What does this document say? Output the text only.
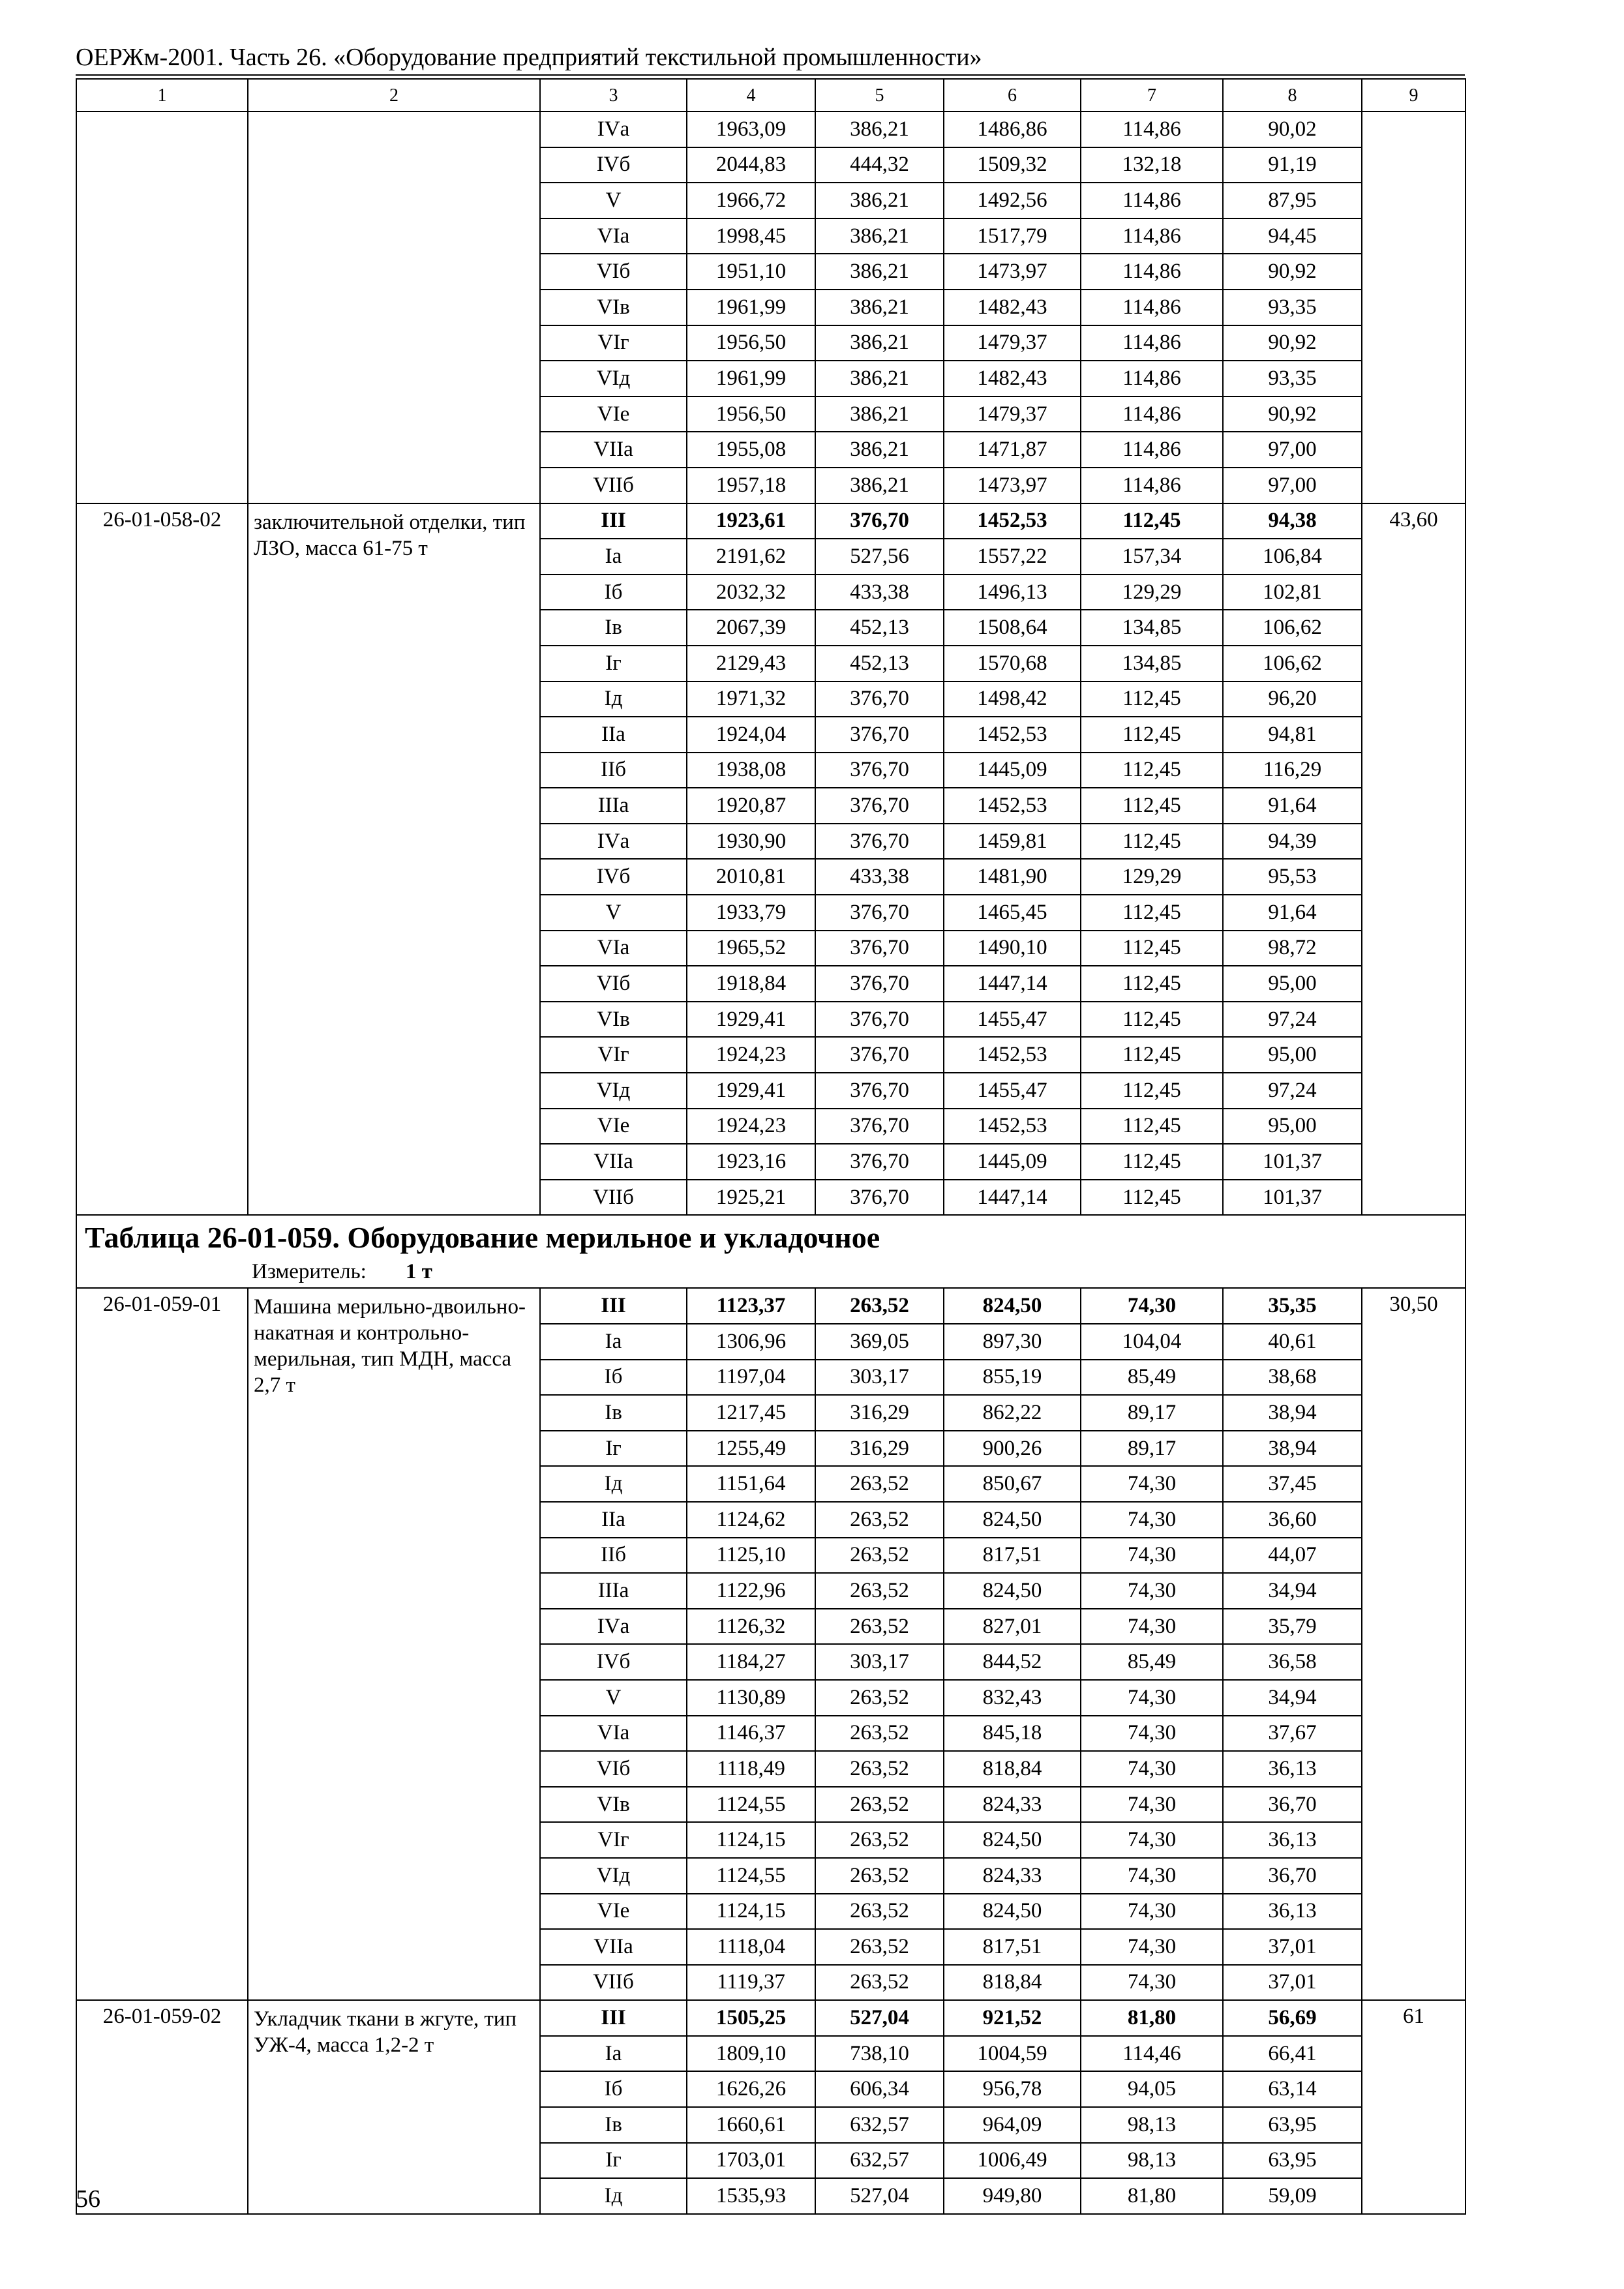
ОЕРЖм-2001. Часть 26. «Оборудование предприятий текстильной промышленности»
1	2	3	4	5	6	7	8	9
		IVа	1963,09	386,21	1486,86	114,86	90,02	
		IVб	2044,83	444,32	1509,32	132,18	91,19	
		V	1966,72	386,21	1492,56	114,86	87,95	
		VIа	1998,45	386,21	1517,79	114,86	94,45	
		VIб	1951,10	386,21	1473,97	114,86	90,92	
		VIв	1961,99	386,21	1482,43	114,86	93,35	
		VIг	1956,50	386,21	1479,37	114,86	90,92	
		VIд	1961,99	386,21	1482,43	114,86	93,35	
		VIе	1956,50	386,21	1479,37	114,86	90,92	
		VIIа	1955,08	386,21	1471,87	114,86	97,00	
		VIIб	1957,18	386,21	1473,97	114,86	97,00	
26-01-058-02	заключительной отделки, тип ЛЗО, масса 61-75 т	III	1923,61	376,70	1452,53	112,45	94,38	43,60
		Iа	2191,62	527,56	1557,22	157,34	106,84	
		Iб	2032,32	433,38	1496,13	129,29	102,81	
		Iв	2067,39	452,13	1508,64	134,85	106,62	
		Iг	2129,43	452,13	1570,68	134,85	106,62	
		Iд	1971,32	376,70	1498,42	112,45	96,20	
		IIа	1924,04	376,70	1452,53	112,45	94,81	
		IIб	1938,08	376,70	1445,09	112,45	116,29	
		IIIа	1920,87	376,70	1452,53	112,45	91,64	
		IVа	1930,90	376,70	1459,81	112,45	94,39	
		IVб	2010,81	433,38	1481,90	129,29	95,53	
		V	1933,79	376,70	1465,45	112,45	91,64	
		VIа	1965,52	376,70	1490,10	112,45	98,72	
		VIб	1918,84	376,70	1447,14	112,45	95,00	
		VIв	1929,41	376,70	1455,47	112,45	97,24	
		VIг	1924,23	376,70	1452,53	112,45	95,00	
		VIд	1929,41	376,70	1455,47	112,45	97,24	
		VIе	1924,23	376,70	1452,53	112,45	95,00	
		VIIа	1923,16	376,70	1445,09	112,45	101,37	
		VIIб	1925,21	376,70	1447,14	112,45	101,37	

Таблица 26-01-059. Оборудование мерильное и укладочное
Измеритель: 1 т								

26-01-059-01	Машина мерильно-двоильно-накатная и контрольно-мерильная, тип МДН, масса 2,7 т	III	1123,37	263,52	824,50	74,30	35,35	30,50
		Iа	1306,96	369,05	897,30	104,04	40,61	
		Iб	1197,04	303,17	855,19	85,49	38,68	
		Iв	1217,45	316,29	862,22	89,17	38,94	
		Iг	1255,49	316,29	900,26	89,17	38,94	
		Iд	1151,64	263,52	850,67	74,30	37,45	
		IIа	1124,62	263,52	824,50	74,30	36,60	
		IIб	1125,10	263,52	817,51	74,30	44,07	
		IIIа	1122,96	263,52	824,50	74,30	34,94	
		IVа	1126,32	263,52	827,01	74,30	35,79	
		IVб	1184,27	303,17	844,52	85,49	36,58	
		V	1130,89	263,52	832,43	74,30	34,94	
		VIа	1146,37	263,52	845,18	74,30	37,67	
		VIб	1118,49	263,52	818,84	74,30	36,13	
		VIв	1124,55	263,52	824,33	74,30	36,70	
		VIг	1124,15	263,52	824,50	74,30	36,13	
		VIд	1124,55	263,52	824,33	74,30	36,70	
		VIе	1124,15	263,52	824,50	74,30	36,13	
		VIIа	1118,04	263,52	817,51	74,30	37,01	
		VIIб	1119,37	263,52	818,84	74,30	37,01	
26-01-059-02	Укладчик ткани в жгуте, тип УЖ-4, масса 1,2-2 т	III	1505,25	527,04	921,52	81,80	56,69	61
		Iа	1809,10	738,10	1004,59	114,46	66,41	
		Iб	1626,26	606,34	956,78	94,05	63,14	
		Iв	1660,61	632,57	964,09	98,13	63,95	
		Iг	1703,01	632,57	1006,49	98,13	63,95	
		Iд	1535,93	527,04	949,80	81,80	59,09	
56
